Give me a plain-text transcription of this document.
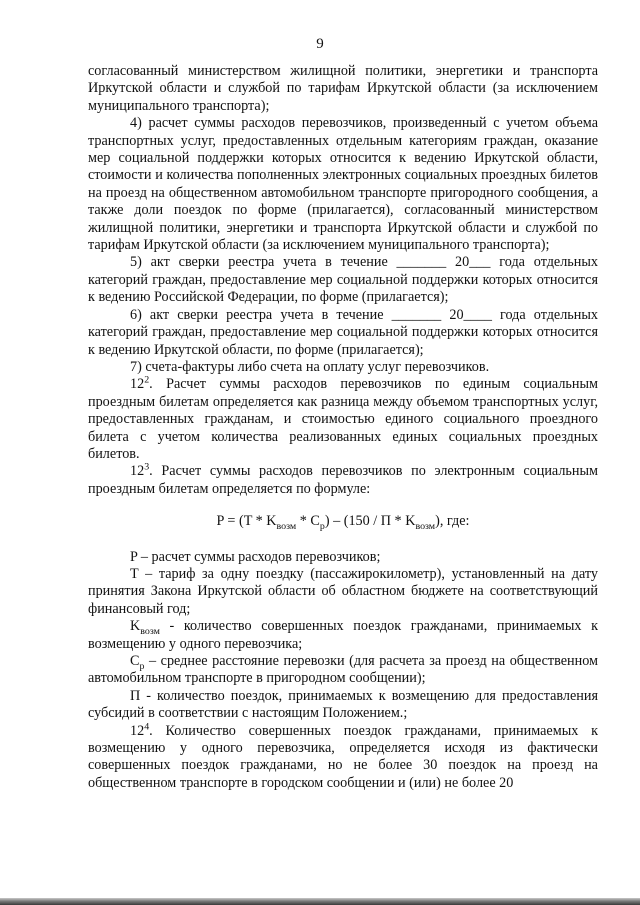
9

согласованный министерством жилищной политики, энергетики и транспорта Иркутской области и службой по тарифам Иркутской области (за исключением муниципального транспорта);

4) расчет суммы расходов перевозчиков, произведенный с учетом объема транспортных услуг, предоставленных отдельным категориям граждан, оказание мер социальной поддержки которых относится к ведению Иркутской области, стоимости и количества пополненных электронных социальных проездных билетов на проезд на общественном автомобильном транспорте пригородного сообщения, а также доли поездок по форме (прилагается), согласованный министерством жилищной политики, энергетики и транспорта Иркутской области и службой по тарифам Иркутской области (за исключением муниципального транспорта);

5) акт сверки реестра учета в течение _______ 20___ года отдельных категорий граждан, предоставление мер социальной поддержки которых относится к ведению Российской Федерации, по форме (прилагается);

6) акт сверки реестра учета в течение _______ 20____ года отдельных категорий граждан, предоставление мер социальной поддержки которых относится к ведению Иркутской области, по форме (прилагается);

7) счета-фактуры либо счета на оплату услуг перевозчиков.

$12^2$. Расчет суммы расходов перевозчиков по единым социальным проездным билетам определяется как разница между объемом транспортных услуг, предоставленных гражданам, и стоимостью единого социального проездного билета с учетом количества реализованных единых социальных проездных билетов.

$12^3$. Расчет суммы расходов перевозчиков по электронным социальным проездным билетам определяется по формуле:

$P = (T * K_{возм} * C_р) - (150 / П * K_{возм})$, где:

P – расчет суммы расходов перевозчиков;

T – тариф за одну поездку (пассажирокилометр), установленный на дату принятия Закона Иркутской области об областном бюджете на соответствующий финансовый год;

$K_{возм}$ - количество совершенных поездок гражданами, принимаемых к возмещению у одного перевозчика;

$C_р$ – среднее расстояние перевозки (для расчета за проезд на общественном автомобильном транспорте в пригородном сообщении);

П - количество поездок, принимаемых к возмещению для предоставления субсидий в соответствии с настоящим Положением.;

$12^4$. Количество совершенных поездок гражданами, принимаемых к возмещению у одного перевозчика, определяется исходя из фактически совершенных поездок гражданами, но не более 30 поездок на проезд на общественном транспорте в городском сообщении и (или) не более 20
